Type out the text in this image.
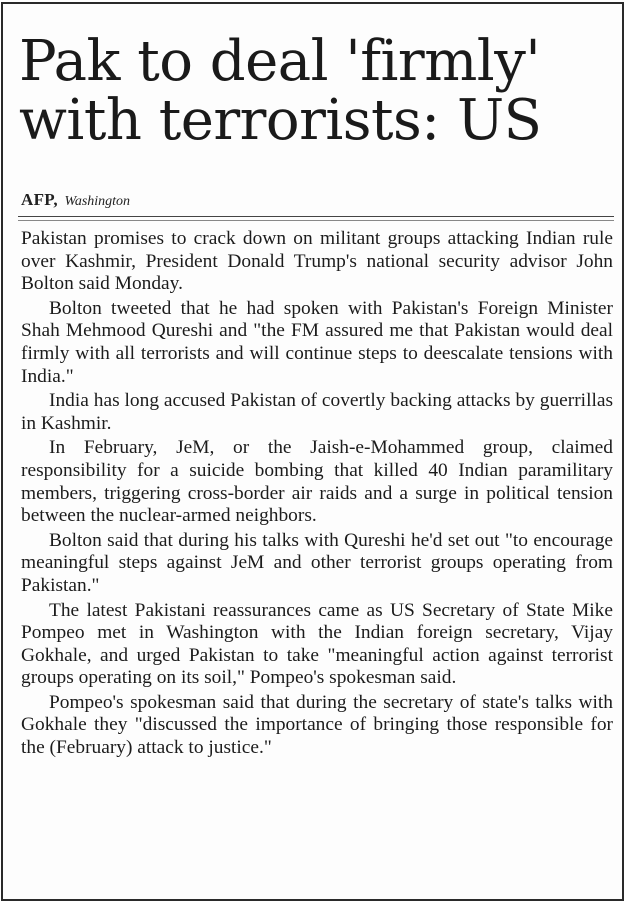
Pak to deal 'firmly'
with terrorists: US
AFP, Washington

Pakistan promises to crack down on militant groups attacking Indian rule over Kashmir, President Donald Trump's national security advisor John Bolton said Monday.

Bolton tweeted that he had spoken with Pakistan's Foreign Minister Shah Mehmood Qureshi and "the FM assured me that Pakistan would deal firmly with all terrorists and will continue steps to deescalate tensions with India."

India has long accused Pakistan of covertly backing attacks by guerrillas in Kashmir.

In February, JeM, or the Jaish-e-Mohammed group, claimed responsibility for a suicide bombing that killed 40 Indian paramilitary members, triggering cross-border air raids and a surge in political tension between the nuclear-armed neighbors.

Bolton said that during his talks with Qureshi he'd set out "to encourage meaningful steps against JeM and other terrorist groups operating from Pakistan."

The latest Pakistani reassurances came as US Secretary of State Mike Pompeo met in Washington with the Indian foreign secretary, Vijay Gokhale, and urged Pakistan to take "meaningful action against terrorist groups operating on its soil," Pompeo's spokesman said.

Pompeo's spokesman said that during the secretary of state's talks with Gokhale they "discussed the importance of bringing those responsible for the (February) attack to justice."
